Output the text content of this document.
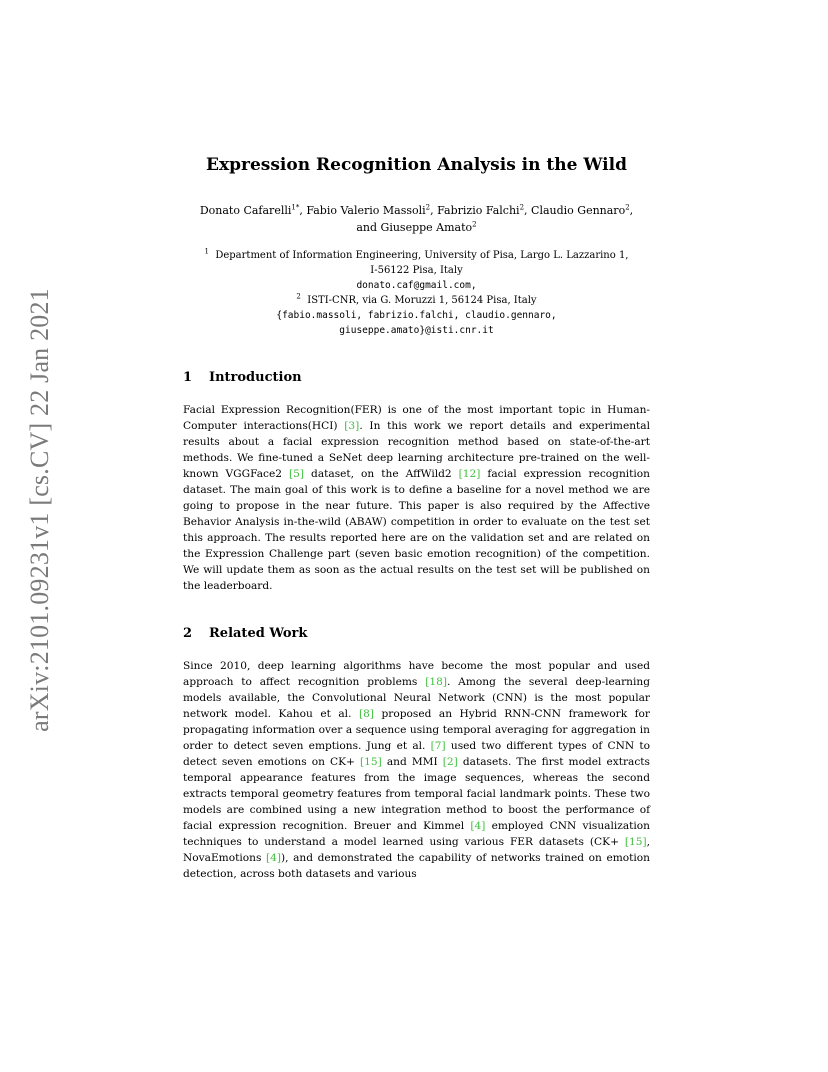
arXiv:2101.09231v1 [cs.CV] 22 Jan 2021
Expression Recognition Analysis in the Wild
Donato Cafarelli$^{1*}$, Fabio Valerio Massoli$^2$, Fabrizio Falchi$^2$, Claudio Gennaro$^2$,
and Giuseppe Amato$^2$
$^1$ Department of Information Engineering, University of Pisa, Largo L. Lazzarino 1,
I-56122 Pisa, Italy
donato.caf@gmail.com,
$^2$ ISTI-CNR, via G. Moruzzi 1, 56124 Pisa, Italy
{fabio.massoli, fabrizio.falchi, claudio.gennaro,
giuseppe.amato}@isti.cnr.it
1	Introduction

Facial Expression Recognition(FER) is one of the most important topic in Human-Computer interactions(HCI) [3]. In this work we report details and experimental results about a facial expression recognition method based on state-of-the-art methods. We fine-tuned a SeNet deep learning architecture pre-trained on the well-known VGGFace2 [5] dataset, on the AffWild2 [12] facial expression recognition dataset. The main goal of this work is to define a baseline for a novel method we are going to propose in the near future. This paper is also required by the Affective Behavior Analysis in-the-wild (ABAW) competition in order to evaluate on the test set this approach. The results reported here are on the validation set and are related on the Expression Challenge part (seven basic emotion recognition) of the competition. We will update them as soon as the actual results on the test set will be published on the leaderboard.

2	Related Work

Since 2010, deep learning algorithms have become the most popular and used approach to affect recognition problems [18]. Among the several deep-learning models available, the Convolutional Neural Network (CNN) is the most popular network model. Kahou et al. [8] proposed an Hybrid RNN-CNN framework for propagating information over a sequence using temporal averaging for aggregation in order to detect seven emptions. Jung et al. [7] used two different types of CNN to detect seven emotions on CK+ [15] and MMI [2] datasets. The first model extracts temporal appearance features from the image sequences, whereas the second extracts temporal geometry features from temporal facial landmark points. These two models are combined using a new integration method to boost the performance of facial expression recognition. Breuer and Kimmel [4] employed CNN visualization techniques to understand a model learned using various FER datasets (CK+ [15], NovaEmotions [4]), and demonstrated the capability of networks trained on emotion detection, across both datasets and various
